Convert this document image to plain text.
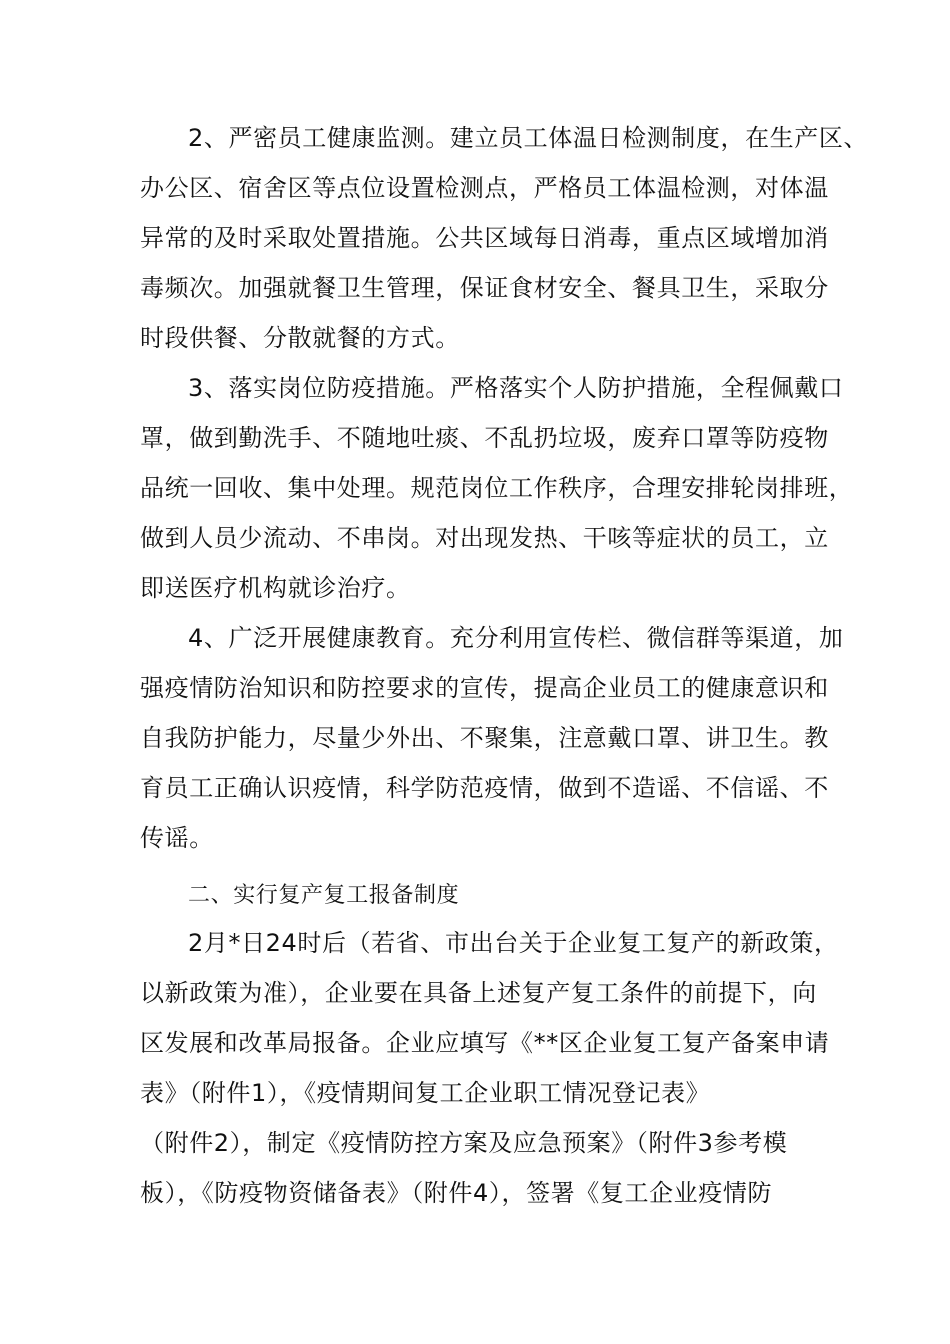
2、严密员工健康监测。建立员工体温日检测制度，在生产区、
办公区、宿舍区等点位设置检测点，严格员工体温检测，对体温
异常的及时采取处置措施。公共区域每日消毒，重点区域增加消
毒频次。加强就餐卫生管理，保证食材安全、餐具卫生，采取分
时段供餐、分散就餐的方式。
3、落实岗位防疫措施。严格落实个人防护措施，全程佩戴口
罩，做到勤洗手、不随地吐痰、不乱扔垃圾，废弃口罩等防疫物
品统一回收、集中处理。规范岗位工作秩序，合理安排轮岗排班，
做到人员少流动、不串岗。对出现发热、干咳等症状的员工，立
即送医疗机构就诊治疗。
4、广泛开展健康教育。充分利用宣传栏、微信群等渠道，加
强疫情防治知识和防控要求的宣传，提高企业员工的健康意识和
自我防护能力，尽量少外出、不聚集，注意戴口罩、讲卫生。教
育员工正确认识疫情，科学防范疫情，做到不造谣、不信谣、不
传谣。
二、实行复产复工报备制度
2月*日24时后（若省、市出台关于企业复工复产的新政策，
以新政策为准），企业要在具备上述复产复工条件的前提下，向
区发展和改革局报备。企业应填写《**区企业复工复产备案申请
表》（附件1），《疫情期间复工企业职工情况登记表》
（附件2），制定《疫情防控方案及应急预案》（附件3参考模
板），《防疫物资储备表》（附件4），签署《复工企业疫情防
